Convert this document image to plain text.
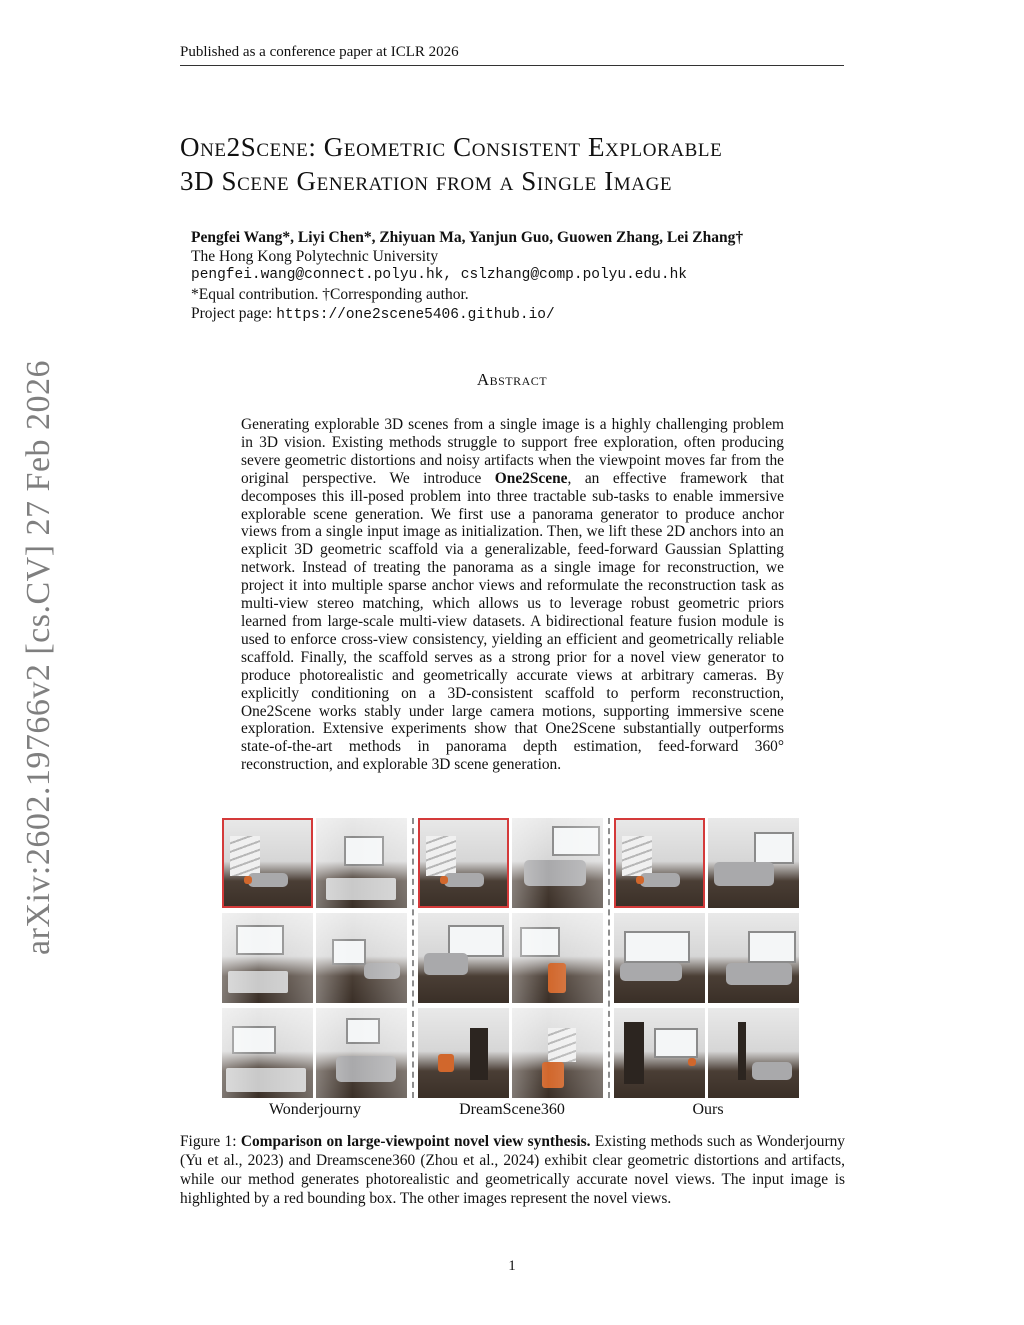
Published as a conference paper at ICLR 2026
arXiv:2602.19766v2 [cs.CV] 27 Feb 2026
One2Scene: Geometric Consistent Explorable
3D Scene Generation from a Single Image
Pengfei Wang*, Liyi Chen*, Zhiyuan Ma, Yanjun Guo, Guowen Zhang, Lei Zhang†
The Hong Kong Polytechnic University
pengfei.wang@connect.polyu.hk, cslzhang@comp.polyu.edu.hk
*Equal contribution. †Corresponding author.
Project page: https://one2scene5406.github.io/
Abstract
Generating explorable 3D scenes from a single image is a highly challenging problem in 3D vision. Existing methods struggle to support free exploration, often producing severe geometric distortions and noisy artifacts when the viewpoint moves far from the original perspective. We introduce One2Scene, an effective framework that decomposes this ill-posed problem into three tractable sub-tasks to enable immersive explorable scene generation. We first use a panorama generator to produce anchor views from a single input image as initialization. Then, we lift these 2D anchors into an explicit 3D geometric scaffold via a generalizable, feed-forward Gaussian Splatting network. Instead of treating the panorama as a single image for reconstruction, we project it into multiple sparse anchor views and reformulate the reconstruction task as multi-view stereo matching, which allows us to leverage robust geometric priors learned from large-scale multi-view datasets. A bidirectional feature fusion module is used to enforce cross-view consistency, yielding an efficient and geometrically reliable scaffold. Finally, the scaffold serves as a strong prior for a novel view generator to produce photorealistic and geometrically accurate views at arbitrary cameras. By explicitly conditioning on a 3D-consistent scaffold to perform reconstruction, One2Scene works stably under large camera motions, supporting immersive scene exploration. Extensive experiments show that One2Scene substantially outperforms state-of-the-art methods in panorama depth estimation, feed-forward 360° reconstruction, and explorable 3D scene generation.
Wonderjourny	DreamScene360	Ours
Figure 1: Comparison on large-viewpoint novel view synthesis. Existing methods such as Wonderjourny (Yu et al., 2023) and Dreamscene360 (Zhou et al., 2024) exhibit clear geometric distortions and artifacts, while our method generates photorealistic and geometrically accurate novel views. The input image is highlighted by a red bounding box. The other images represent the novel views.
1
